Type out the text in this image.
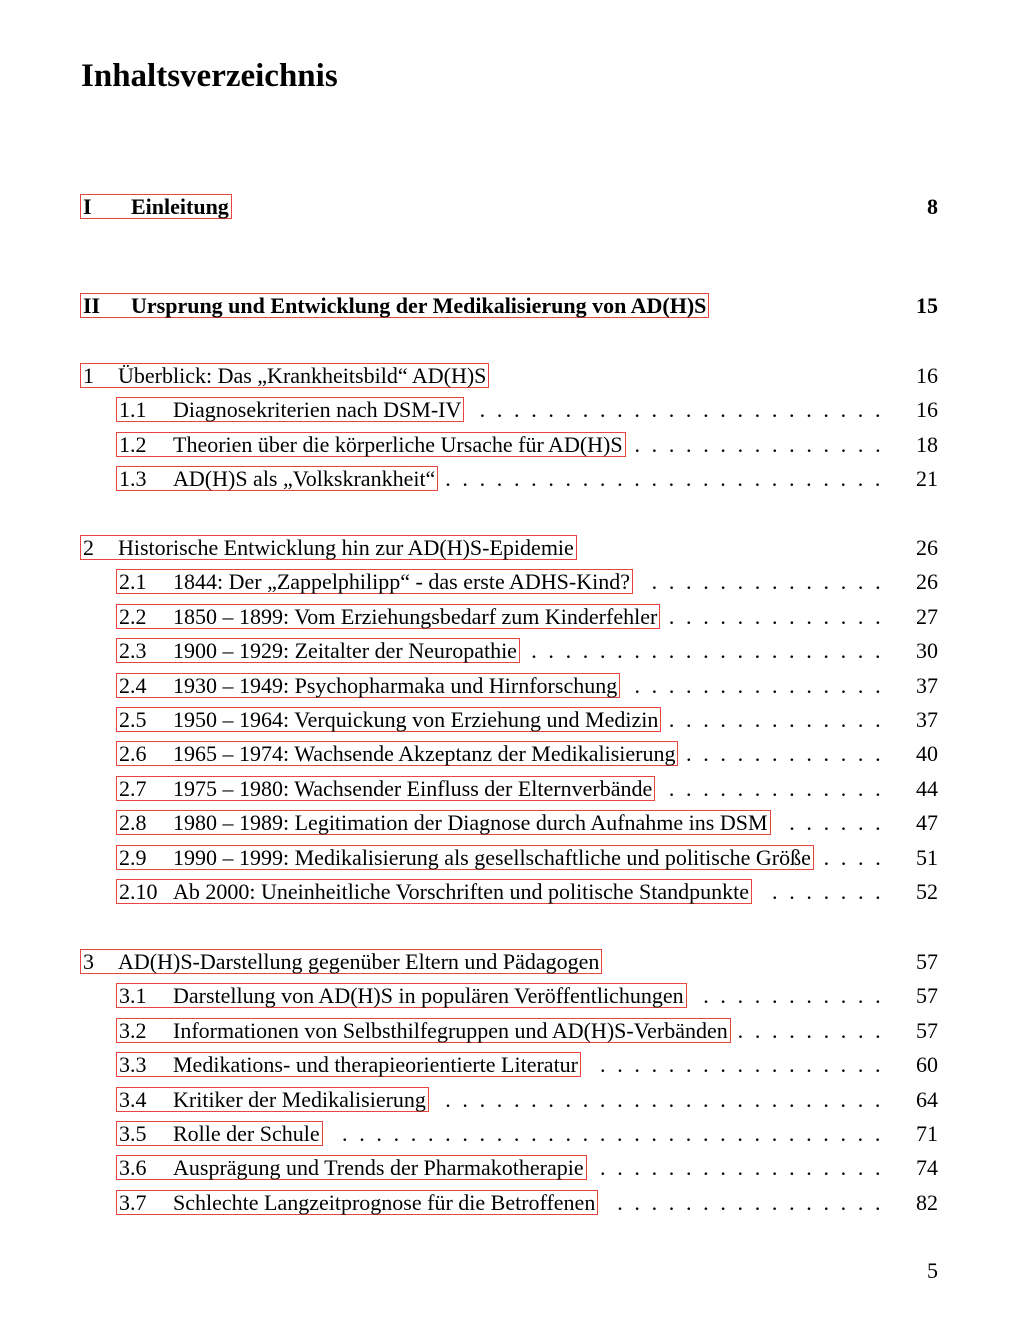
Inhaltsverzeichnis
I Einleitung	8
II Ursprung und Entwicklung der Medikalisierung von AD(H)S	15
1 Überblick: Das „Krankheitsbild“ AD(H)S	16
1.1 Diagnosekriterien nach DSM-IV . . . . . . . . . . . . . . . . . . . . . . . . 16
1.2 Theorien über die körperliche Ursache für AD(H)S . . . . . . . . . . . . . . . 18
1.3 AD(H)S als „Volkskrankheit“ . . . . . . . . . . . . . . . . . . . . . . . . . . 21
2 Historische Entwicklung hin zur AD(H)S-Epidemie	26
2.1 1844: Der „Zappelphilipp“ - das erste ADHS-Kind? . . . . . . . . . . . . . . 26
2.2 1850 – 1899: Vom Erziehungsbedarf zum Kinderfehler . . . . . . . . . . . . . 27
2.3 1900 – 1929: Zeitalter der Neuropathie . . . . . . . . . . . . . . . . . . . . . 30
2.4 1930 – 1949: Psychopharmaka und Hirnforschung . . . . . . . . . . . . . . . 37
2.5 1950 – 1964: Verquickung von Erziehung und Medizin . . . . . . . . . . . . . 37
2.6 1965 – 1974: Wachsende Akzeptanz der Medikalisierung . . . . . . . . . . . . 40
2.7 1975 – 1980: Wachsender Einfluss der Elternverbände . . . . . . . . . . . . . 44
2.8 1980 – 1989: Legitimation der Diagnose durch Aufnahme ins DSM . . . . . . 47
2.9 1990 – 1999: Medikalisierung als gesellschaftliche und politische Größe . . . . 51
2.10 Ab 2000: Uneinheitliche Vorschriften und politische Standpunkte . . . . . . . 52
3 AD(H)S-Darstellung gegenüber Eltern und Pädagogen	57
3.1 Darstellung von AD(H)S in populären Veröffentlichungen . . . . . . . . . . . 57
3.2 Informationen von Selbsthilfegruppen und AD(H)S-Verbänden . . . . . . . . . 57
3.3 Medikations- und therapieorientierte Literatur . . . . . . . . . . . . . . . . . 60
3.4 Kritiker der Medikalisierung . . . . . . . . . . . . . . . . . . . . . . . . . . 64
3.5 Rolle der Schule . . . . . . . . . . . . . . . . . . . . . . . . . . . . . . . . 71
3.6 Ausprägung und Trends der Pharmakotherapie . . . . . . . . . . . . . . . . . 74
3.7 Schlechte Langzeitprognose für die Betroffenen . . . . . . . . . . . . . . . . 82
5
